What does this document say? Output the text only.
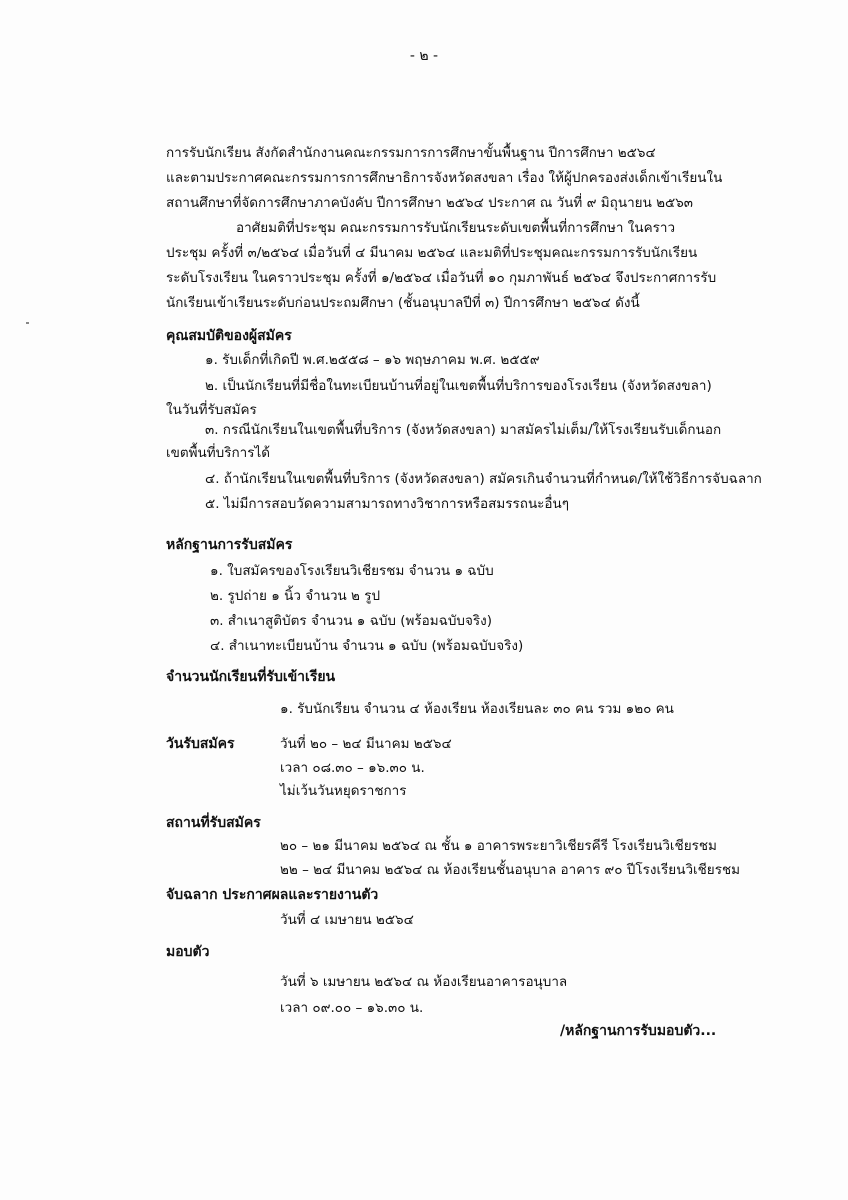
- ๒ -
การรับนักเรียน สังกัดสำนักงานคณะกรรมการการศึกษาขั้นพื้นฐาน ปีการศึกษา ๒๕๖๔
และตามประกาศคณะกรรมการการศึกษาธิการจังหวัดสงขลา เรื่อง ให้ผู้ปกครองส่งเด็กเข้าเรียนใน
สถานศึกษาที่จัดการศึกษาภาคบังคับ ปีการศึกษา ๒๕๖๔ ประกาศ ณ วันที่ ๙ มิถุนายน ๒๕๖๓
อาศัยมติที่ประชุม คณะกรรมการรับนักเรียนระดับเขตพื้นที่การศึกษา ในคราว
ประชุม ครั้งที่ ๓/๒๕๖๔ เมื่อวันที่ ๔ มีนาคม ๒๕๖๔ และมติที่ประชุมคณะกรรมการรับนักเรียน
ระดับโรงเรียน ในคราวประชุม ครั้งที่ ๑/๒๕๖๔ เมื่อวันที่ ๑๐ กุมภาพันธ์ ๒๕๖๔ จึงประกาศการรับ
นักเรียนเข้าเรียนระดับก่อนประถมศึกษา (ชั้นอนุบาลปีที่ ๓) ปีการศึกษา ๒๕๖๔ ดังนี้
คุณสมบัติของผู้สมัคร
๑. รับเด็กที่เกิดปี พ.ศ.๒๕๕๘ – ๑๖ พฤษภาคม พ.ศ. ๒๕๕๙
๒. เป็นนักเรียนที่มีชื่อในทะเบียนบ้านที่อยู่ในเขตพื้นที่บริการของโรงเรียน (จังหวัดสงขลา)
ในวันที่รับสมัคร
๓. กรณีนักเรียนในเขตพื้นที่บริการ (จังหวัดสงขลา) มาสมัครไม่เต็ม/ให้โรงเรียนรับเด็กนอก
เขตพื้นที่บริการได้
๔. ถ้านักเรียนในเขตพื้นที่บริการ (จังหวัดสงขลา) สมัครเกินจำนวนที่กำหนด/ให้ใช้วิธีการจับฉลาก
๕. ไม่มีการสอบวัดความสามารถทางวิชาการหรือสมรรถนะอื่นๆ
หลักฐานการรับสมัคร
๑. ใบสมัครของโรงเรียนวิเชียรชม จำนวน ๑ ฉบับ
๒. รูปถ่าย ๑ นิ้ว จำนวน ๒ รูป
๓. สำเนาสูติบัตร จำนวน ๑ ฉบับ (พร้อมฉบับจริง)
๔. สำเนาทะเบียนบ้าน จำนวน ๑ ฉบับ (พร้อมฉบับจริง)
จำนวนนักเรียนที่รับเข้าเรียน
๑. รับนักเรียน จำนวน ๔ ห้องเรียน ห้องเรียนละ ๓๐ คน รวม ๑๒๐ คน
วันรับสมัคร	วันที่ ๒๐ – ๒๔ มีนาคม ๒๕๖๔
เวลา ๐๘.๓๐ – ๑๖.๓๐ น.
ไม่เว้นวันหยุดราชการ
สถานที่รับสมัคร
๒๐ – ๒๑ มีนาคม ๒๕๖๔ ณ ชั้น ๑ อาคารพระยาวิเชียรคีรี โรงเรียนวิเชียรชม
๒๒ – ๒๔ มีนาคม ๒๕๖๔ ณ ห้องเรียนชั้นอนุบาล อาคาร ๙๐ ปีโรงเรียนวิเชียรชม
จับฉลาก ประกาศผลและรายงานตัว
วันที่ ๔ เมษายน ๒๕๖๔
มอบตัว
วันที่ ๖ เมษายน ๒๕๖๔ ณ ห้องเรียนอาคารอนุบาล
เวลา ๐๙.๐๐ – ๑๖.๓๐ น.
/หลักฐานการรับมอบตัว...
